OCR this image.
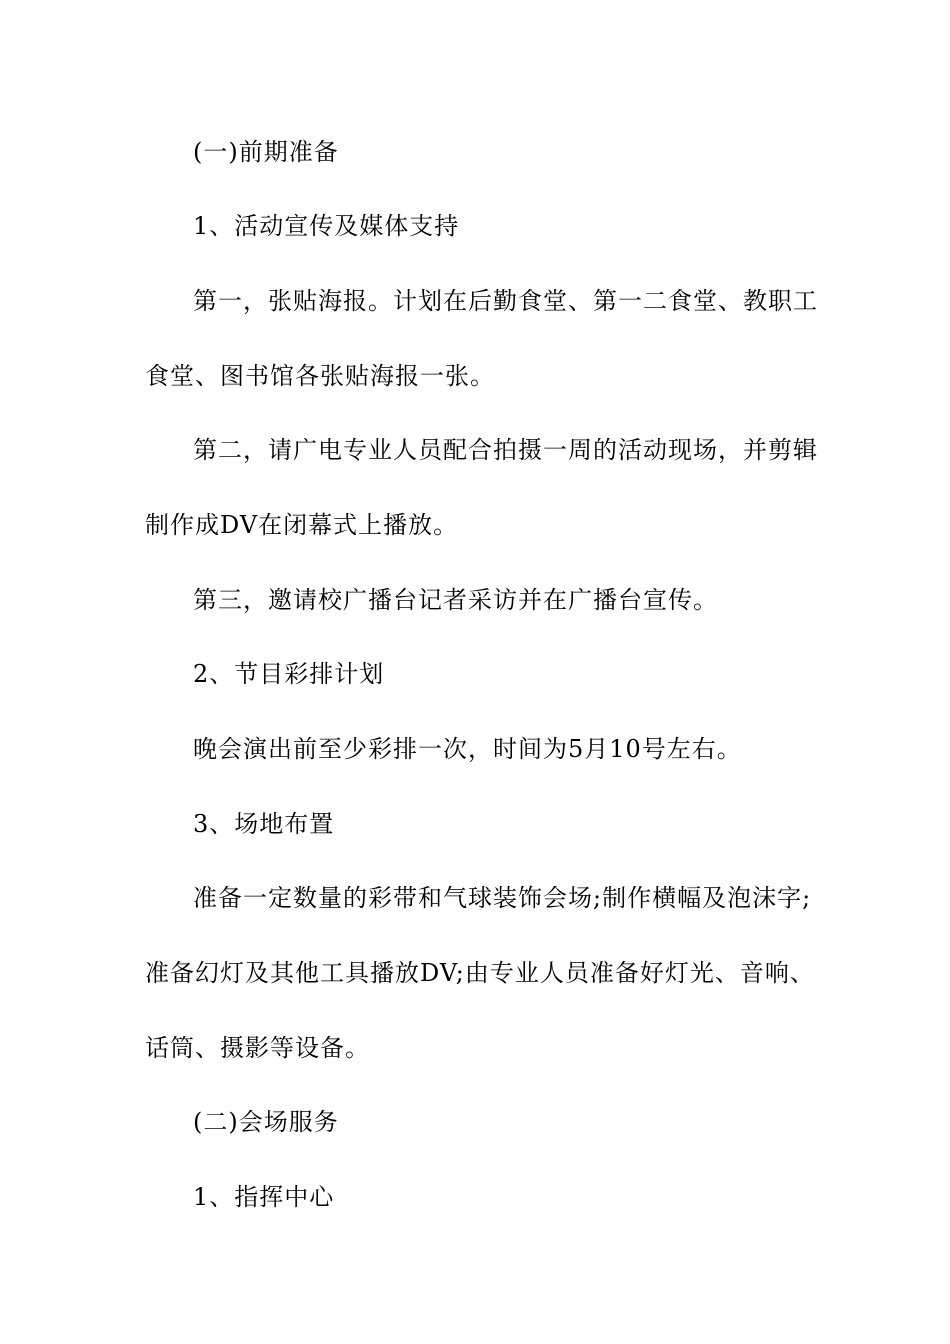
(一)前期准备
1、活动宣传及媒体支持
第一，张贴海报。计划在后勤食堂、第一二食堂、教职工
食堂、图书馆各张贴海报一张。
第二，请广电专业人员配合拍摄一周的活动现场，并剪辑
制作成DV在闭幕式上播放。
第三，邀请校广播台记者采访并在广播台宣传。
2、节目彩排计划
晚会演出前至少彩排一次，时间为5月10号左右。
3、场地布置
准备一定数量的彩带和气球装饰会场;制作横幅及泡沫字;
准备幻灯及其他工具播放DV;由专业人员准备好灯光、音响、
话筒、摄影等设备。
(二)会场服务
1、指挥中心
